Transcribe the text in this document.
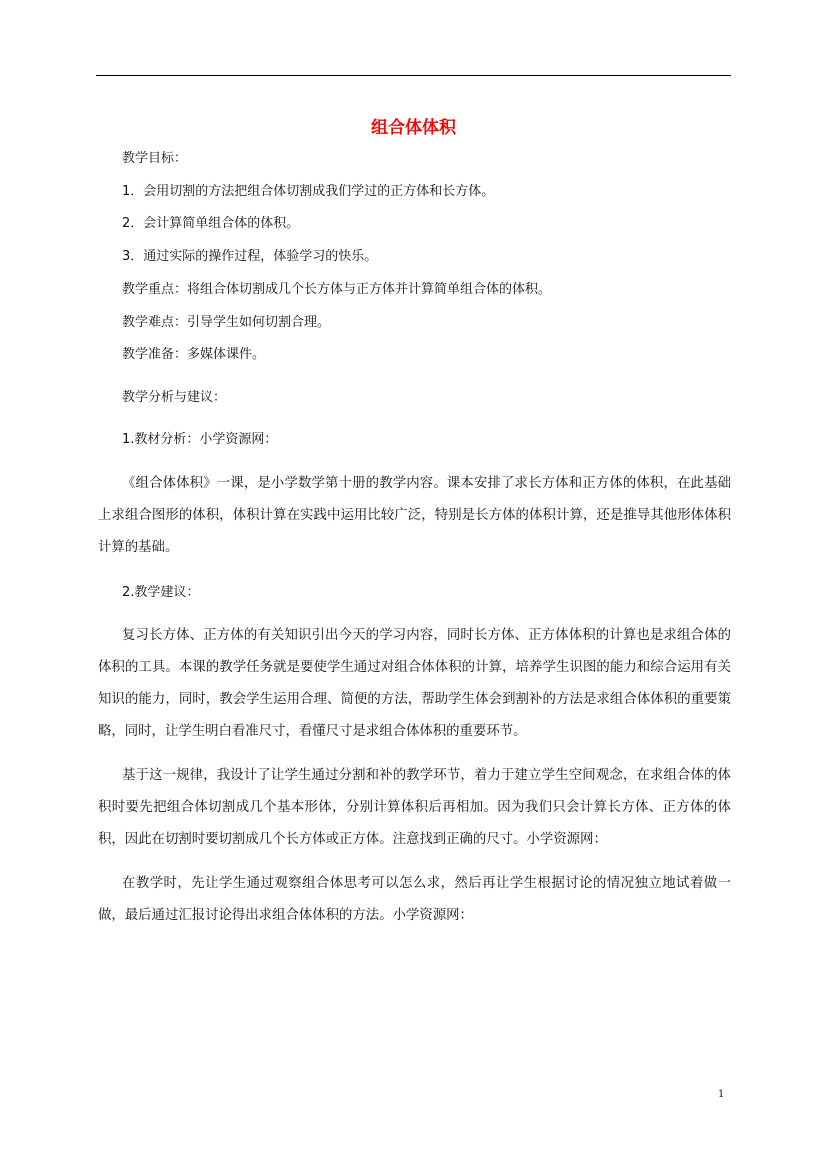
组合体体积

教学目标：

1．会用切割的方法把组合体切割成我们学过的正方体和长方体。

2．会计算简单组合体的体积。

3．通过实际的操作过程，体验学习的快乐。

教学重点：将组合体切割成几个长方体与正方体并计算简单组合体的体积。

教学难点：引导学生如何切割合理。

教学准备：多媒体课件。

教学分析与建议：

1.教材分析：小学资源网：

《组合体体积》一课，是小学数学第十册的教学内容。课本安排了求长方体和正方体的体积，在此基础上求组合图形的体积，体积计算在实践中运用比较广泛，特别是长方体的体积计算，还是推导其他形体体积计算的基础。

2.教学建议：

复习长方体、正方体的有关知识引出今天的学习内容，同时长方体、正方体体积的计算也是求组合体的体积的工具。本课的教学任务就是要使学生通过对组合体体积的计算，培养学生识图的能力和综合运用有关知识的能力，同时，教会学生运用合理、简便的方法，帮助学生体会到割补的方法是求组合体体积的重要策略，同时，让学生明白看准尺寸，看懂尺寸是求组合体体积的重要环节。

基于这一规律，我设计了让学生通过分割和补的教学环节，着力于建立学生空间观念，在求组合体的体积时要先把组合体切割成几个基本形体，分别计算体积后再相加。因为我们只会计算长方体、正方体的体积，因此在切割时要切割成几个长方体或正方体。注意找到正确的尺寸。小学资源网：

在教学时，先让学生通过观察组合体思考可以怎么求，然后再让学生根据讨论的情况独立地试着做一做，最后通过汇报讨论得出求组合体体积的方法。小学资源网：

1
